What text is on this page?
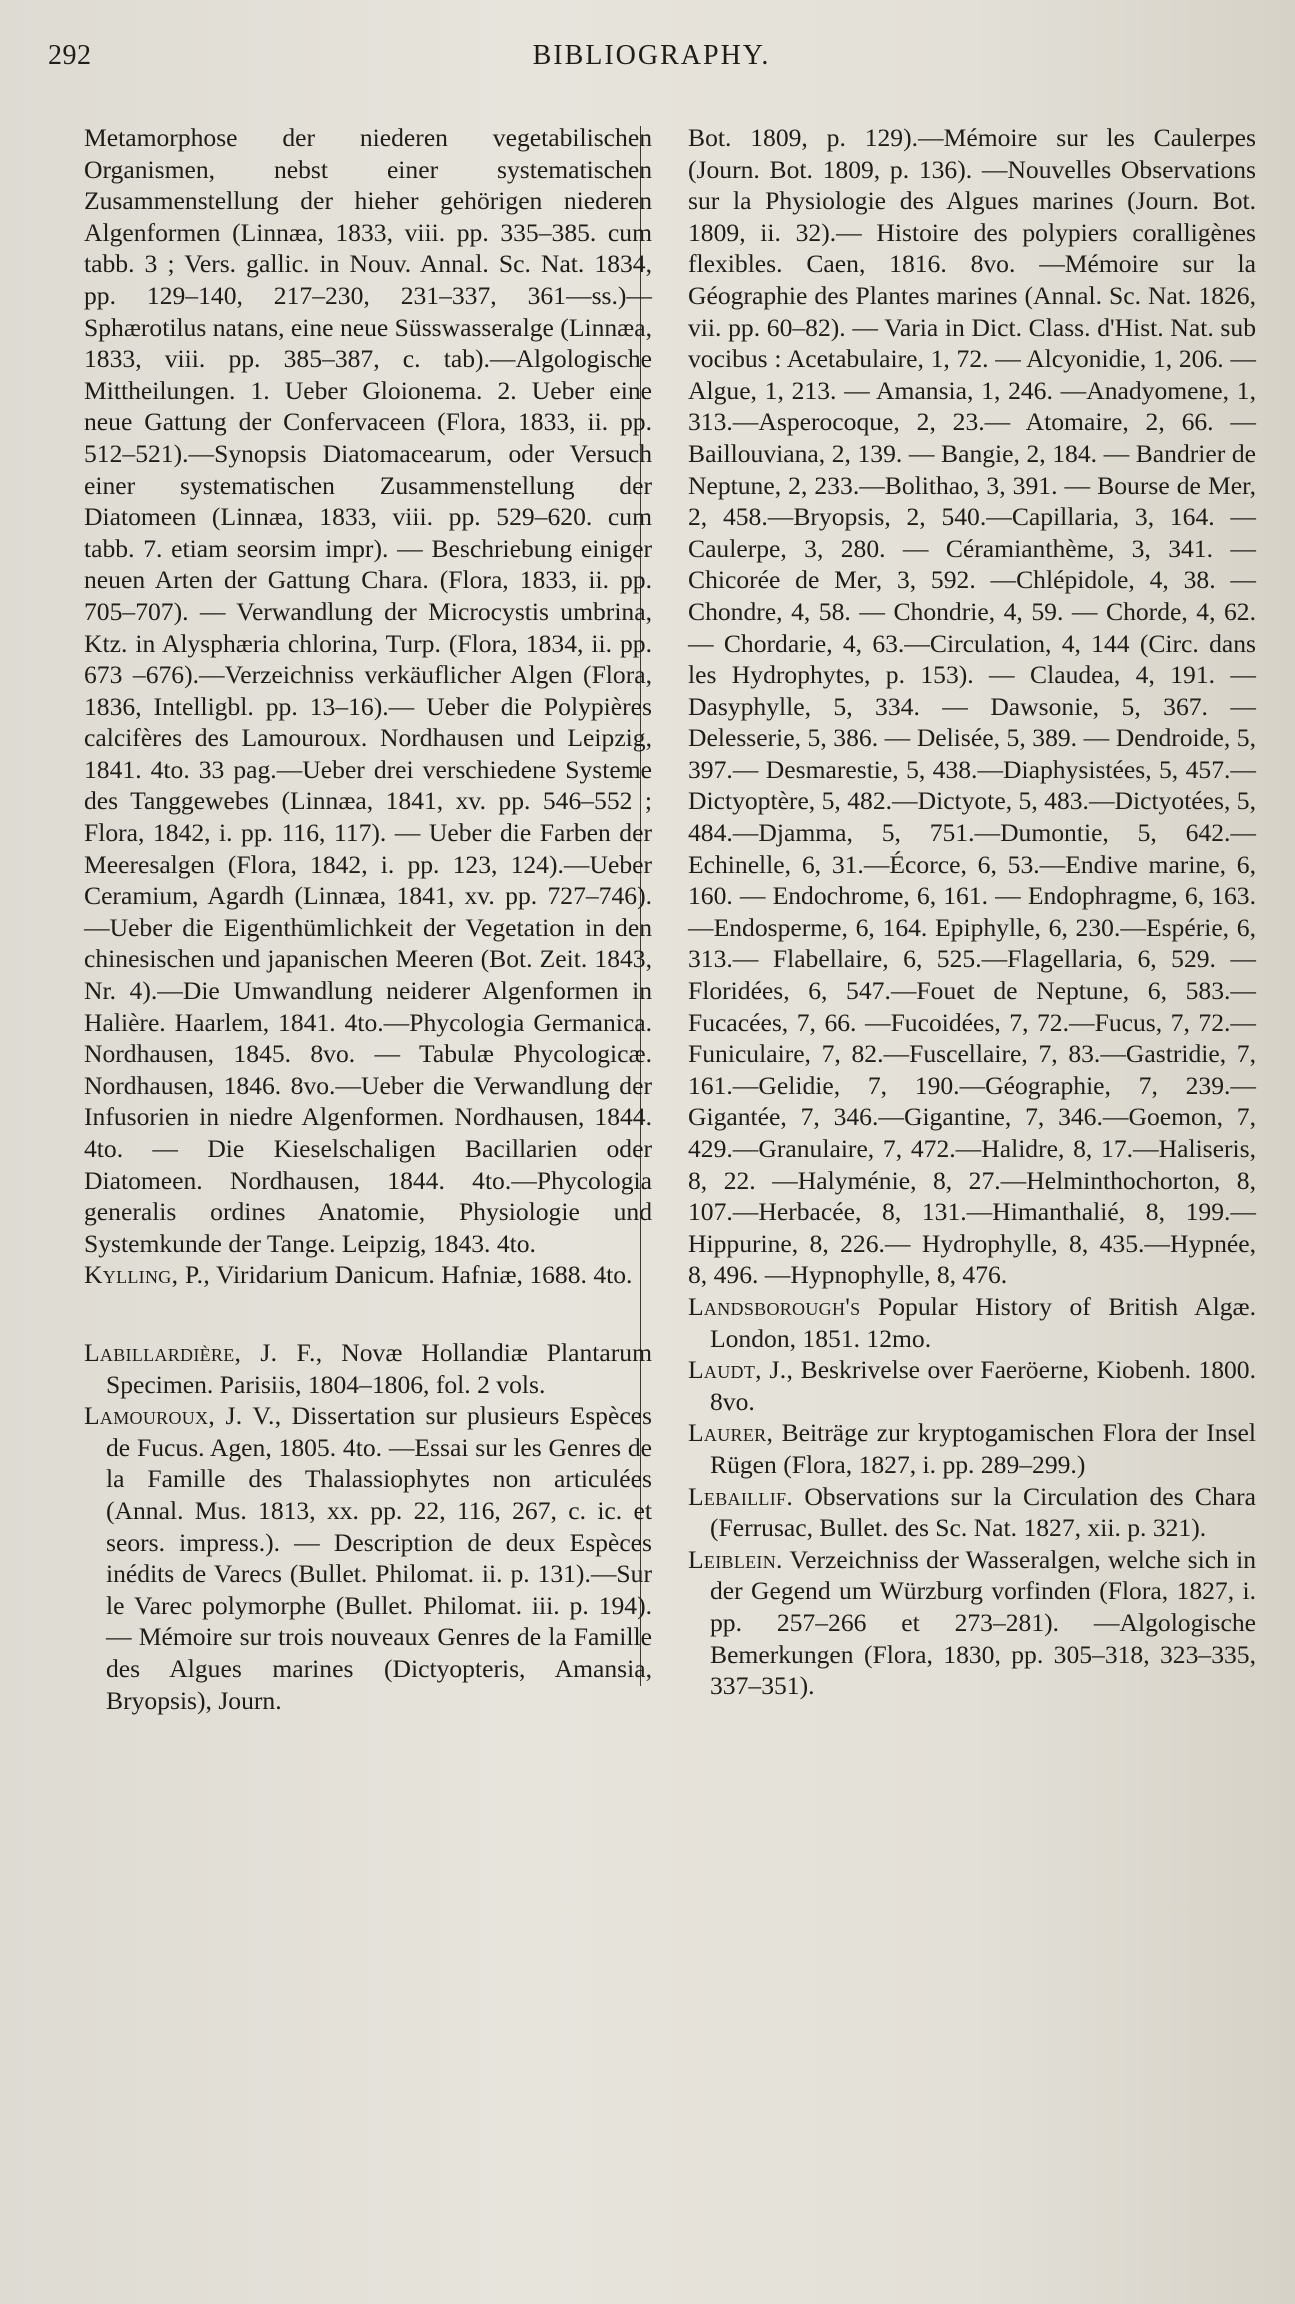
292	BIBLIOGRAPHY.

Metamorphose der niederen vegetabilischen Organismen, nebst einer systematischen Zusammenstellung der hieher gehörigen niederen Algenformen (Linnæa, 1833, viii. pp. 335–385. cum tabb. 3 ; Vers. gallic. in Nouv. Annal. Sc. Nat. 1834, pp. 129–140, 217–230, 231–337, 361—ss.)—Sphærotilus natans, eine neue Süsswasseralge (Linnæa, 1833, viii. pp. 385–387, c. tab).—Algologische Mittheilungen. 1. Ueber Gloionema. 2. Ueber eine neue Gattung der Confervaceen (Flora, 1833, ii. pp. 512–521).—Synopsis Diatomacearum, oder Versuch einer systematischen Zusammenstellung der Diatomeen (Linnæa, 1833, viii. pp. 529–620. cum tabb. 7. etiam seorsim impr). — Beschriebung einiger neuen Arten der Gattung Chara. (Flora, 1833, ii. pp. 705–707). — Verwandlung der Microcystis umbrina, Ktz. in Alysphæria chlorina, Turp. (Flora, 1834, ii. pp. 673 –676).—Verzeichniss verkäuflicher Algen (Flora, 1836, Intelligbl. pp. 13–16).— Ueber die Polypières calcifères des Lamouroux. Nordhausen und Leipzig, 1841. 4to. 33 pag.—Ueber drei verschiedene Systeme des Tanggewebes (Linnæa, 1841, xv. pp. 546–552 ; Flora, 1842, i. pp. 116, 117). — Ueber die Farben der Meeresalgen (Flora, 1842, i. pp. 123, 124).—Ueber Ceramium, Agardh (Linnæa, 1841, xv. pp. 727–746).—Ueber die Eigenthümlichkeit der Vegetation in den chinesischen und japanischen Meeren (Bot. Zeit. 1843, Nr. 4).—Die Umwandlung neiderer Algenformen in Halière. Haarlem, 1841. 4to.—Phycologia Germanica. Nordhausen, 1845. 8vo. — Tabulæ Phycologicæ. Nordhausen, 1846. 8vo.—Ueber die Verwandlung der Infusorien in niedre Algenformen. Nordhausen, 1844. 4to. — Die Kieselschaligen Bacillarien oder Diatomeen. Nordhausen, 1844. 4to.—Phycologia generalis ordines Anatomie, Physiologie und Systemkunde der Tange. Leipzig, 1843. 4to.

Kylling, P., Viridarium Danicum. Hafniæ, 1688. 4to.

Labillardière, J. F., Novæ Hollandiæ Plantarum Specimen. Parisiis, 1804–1806, fol. 2 vols.

Lamouroux, J. V., Dissertation sur plusieurs Espèces de Fucus. Agen, 1805. 4to. —Essai sur les Genres de la Famille des Thalassiophytes non articulées (Annal. Mus. 1813, xx. pp. 22, 116, 267, c. ic. et seors. impress.). — Description de deux Espèces inédits de Varecs (Bullet. Philomat. ii. p. 131).—Sur le Varec polymorphe (Bullet. Philomat. iii. p. 194). — Mémoire sur trois nouveaux Genres de la Famille des Algues marines (Dictyopteris, Amansia, Bryopsis), Journ.

Bot. 1809, p. 129).—Mémoire sur les Caulerpes (Journ. Bot. 1809, p. 136). —Nouvelles Observations sur la Physiologie des Algues marines (Journ. Bot. 1809, ii. 32).— Histoire des polypiers coralligènes flexibles. Caen, 1816. 8vo. —Mémoire sur la Géographie des Plantes marines (Annal. Sc. Nat. 1826, vii. pp. 60–82). — Varia in Dict. Class. d'Hist. Nat. sub vocibus : Acetabulaire, 1, 72. — Alcyonidie, 1, 206. — Algue, 1, 213. — Amansia, 1, 246. —Anadyomene, 1, 313.—Asperocoque, 2, 23.— Atomaire, 2, 66. — Baillouviana, 2, 139. — Bangie, 2, 184. — Bandrier de Neptune, 2, 233.—Bolithao, 3, 391. — Bourse de Mer, 2, 458.—Bryopsis, 2, 540.—Capillaria, 3, 164. — Caulerpe, 3, 280. — Céramianthème, 3, 341. — Chicorée de Mer, 3, 592. —Chlépidole, 4, 38. — Chondre, 4, 58. — Chondrie, 4, 59. — Chorde, 4, 62. — Chordarie, 4, 63.—Circulation, 4, 144 (Circ. dans les Hydrophytes, p. 153). — Claudea, 4, 191. — Dasyphylle, 5, 334. — Dawsonie, 5, 367. — Delesserie, 5, 386. — Delisée, 5, 389. — Dendroide, 5, 397.— Desmarestie, 5, 438.—Diaphysistées, 5, 457.—Dictyoptère, 5, 482.—Dictyote, 5, 483.—Dictyotées, 5, 484.—Djamma, 5, 751.—Dumontie, 5, 642.—Echinelle, 6, 31.—Écorce, 6, 53.—Endive marine, 6, 160. — Endochrome, 6, 161. — Endophragme, 6, 163.—Endosperme, 6, 164. Epiphylle, 6, 230.—Espérie, 6, 313.— Flabellaire, 6, 525.—Flagellaria, 6, 529. —Floridées, 6, 547.—Fouet de Neptune, 6, 583.—Fucacées, 7, 66. —Fucoidées, 7, 72.—Fucus, 7, 72.—Funiculaire, 7, 82.—Fuscellaire, 7, 83.—Gastridie, 7, 161.—Gelidie, 7, 190.—Géographie, 7, 239.—Gigantée, 7, 346.—Gigantine, 7, 346.—Goemon, 7, 429.—Granulaire, 7, 472.—Halidre, 8, 17.—Haliseris, 8, 22. —Halyménie, 8, 27.—Helminthochorton, 8, 107.—Herbacée, 8, 131.—Himanthalié, 8, 199.—Hippurine, 8, 226.— Hydrophylle, 8, 435.—Hypnée, 8, 496. —Hypnophylle, 8, 476.

Landsborough's Popular History of British Algæ. London, 1851. 12mo.

Laudt, J., Beskrivelse over Faeröerne, Kiobenh. 1800. 8vo.

Laurer, Beiträge zur kryptogamischen Flora der Insel Rügen (Flora, 1827, i. pp. 289–299.)

Lebaillif. Observations sur la Circulation des Chara (Ferrusac, Bullet. des Sc. Nat. 1827, xii. p. 321).

Leiblein. Verzeichniss der Wasseralgen, welche sich in der Gegend um Würzburg vorfinden (Flora, 1827, i. pp. 257–266 et 273–281). —Algologische Bemerkungen (Flora, 1830, pp. 305–318, 323–335, 337–351).
